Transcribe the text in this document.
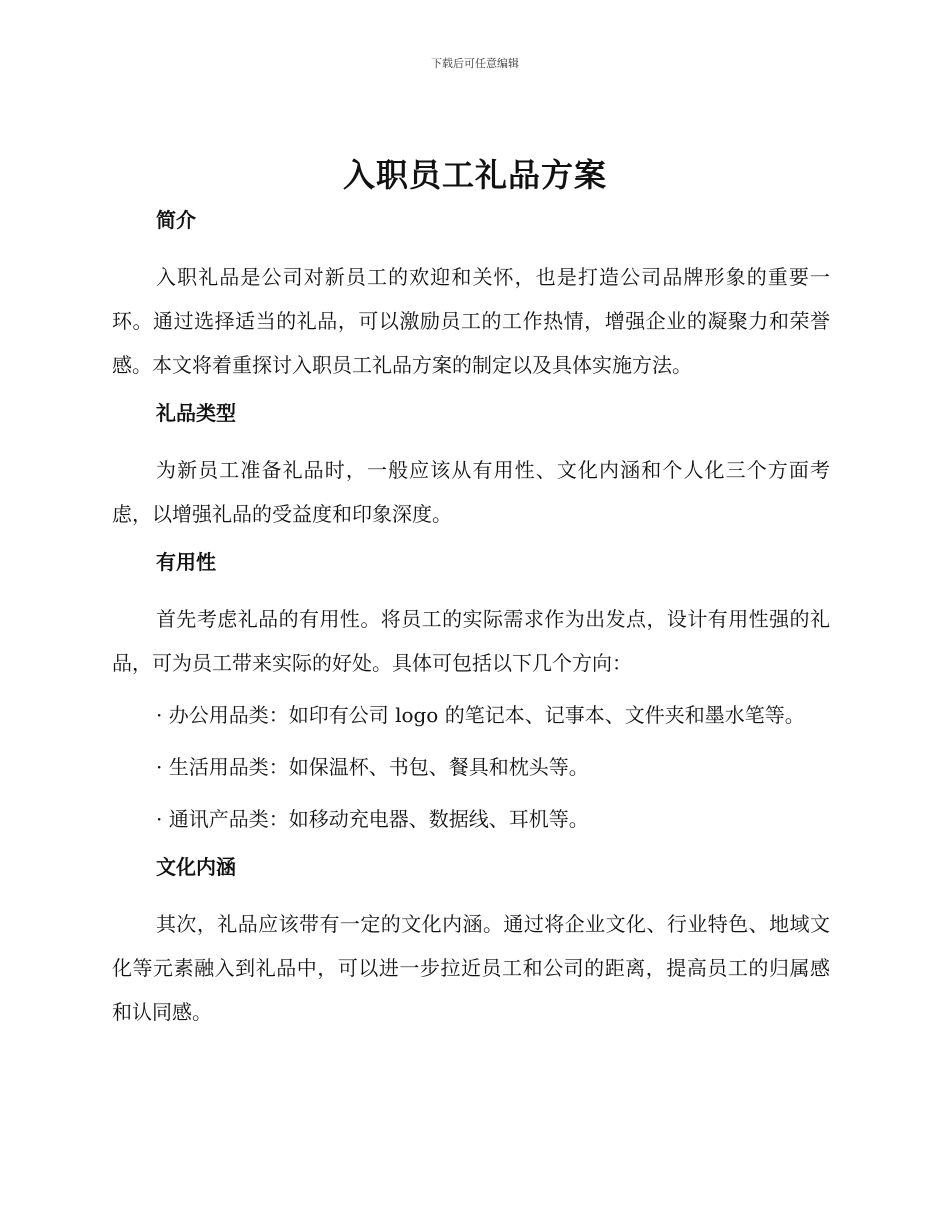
下载后可任意编辑
入职员工礼品方案
简介

入职礼品是公司对新员工的欢迎和关怀，也是打造公司品牌形象的重要一环。通过选择适当的礼品，可以激励员工的工作热情，增强企业的凝聚力和荣誉感。本文将着重探讨入职员工礼品方案的制定以及具体实施方法。

礼品类型

为新员工准备礼品时，一般应该从有用性、文化内涵和个人化三个方面考虑，以增强礼品的受益度和印象深度。

有用性

首先考虑礼品的有用性。将员工的实际需求作为出发点，设计有用性强的礼品，可为员工带来实际的好处。具体可包括以下几个方向：

· 办公用品类：如印有公司 logo 的笔记本、记事本、文件夹和墨水笔等。

· 生活用品类：如保温杯、书包、餐具和枕头等。

· 通讯产品类：如移动充电器、数据线、耳机等。

文化内涵

其次，礼品应该带有一定的文化内涵。通过将企业文化、行业特色、地域文化等元素融入到礼品中，可以进一步拉近员工和公司的距离，提高员工的归属感和认同感。
